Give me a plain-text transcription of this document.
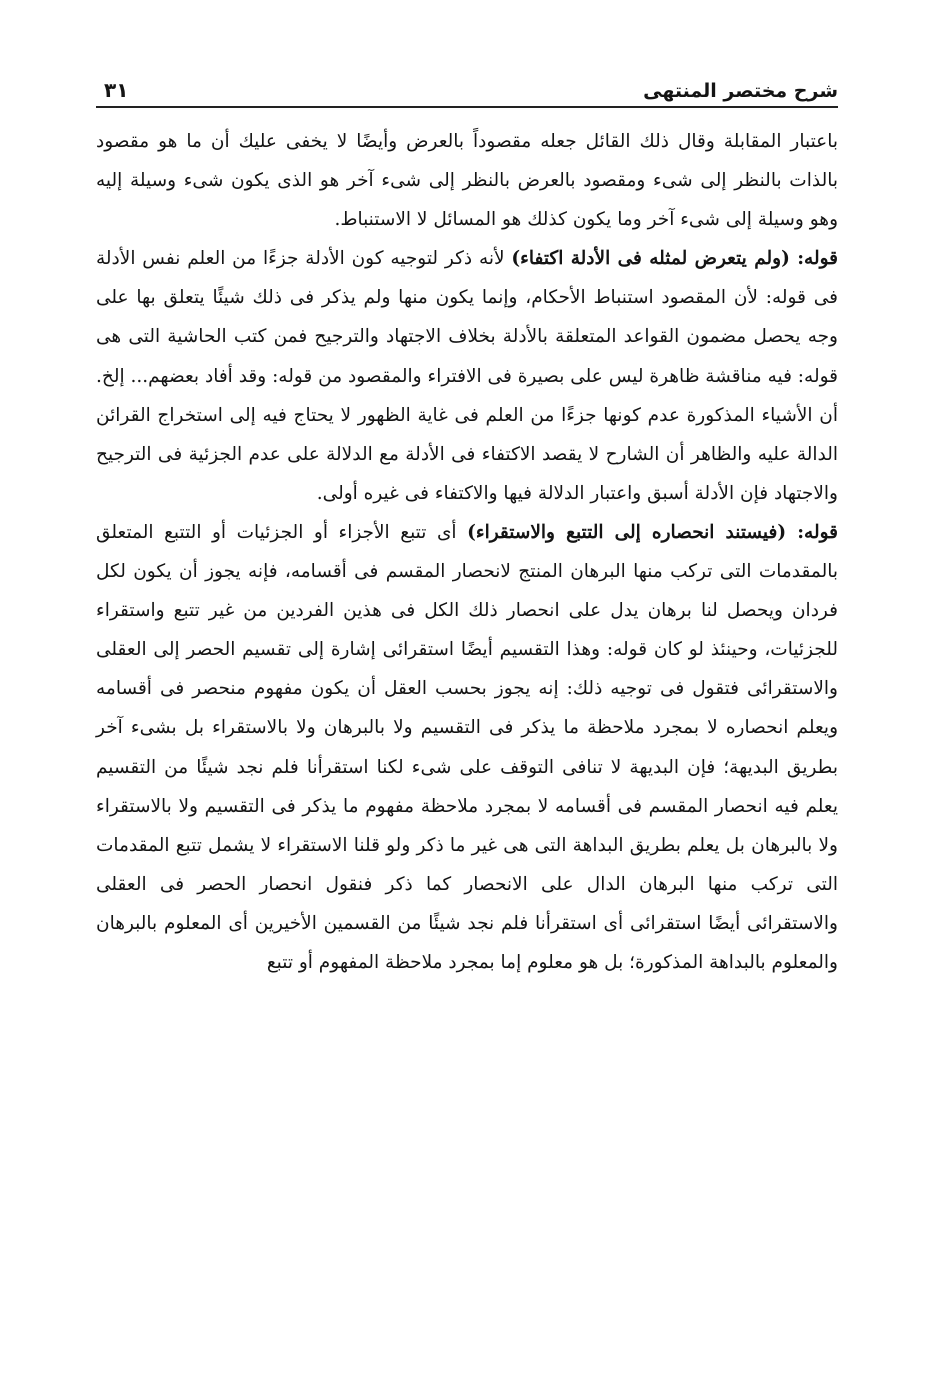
شرح مختصر المنتهى
٣١

باعتبار المقابلة وقال ذلك القائل جعله مقصوداً بالعرض وأيضًا لا يخفى عليك أن ما هو مقصود بالذات بالنظر إلى شىء ومقصود بالعرض بالنظر إلى شىء آخر هو الذى يكون شىء وسيلة إليه وهو وسيلة إلى شىء آخر وما يكون كذلك هو المسائل لا الاستنباط.

قوله: (ولم يتعرض لمثله فى الأدلة اكتفاء) لأنه ذكر لتوجيه كون الأدلة جزءًا من العلم نفس الأدلة فى قوله: لأن المقصود استنباط الأحكام، وإنما يكون منها ولم يذكر فى ذلك شيئًا يتعلق بها على وجه يحصل مضمون القواعد المتعلقة بالأدلة بخلاف الاجتهاد والترجيح فمن كتب الحاشية التى هى قوله: فيه مناقشة ظاهرة ليس على بصيرة فى الافتراء والمقصود من قوله: وقد أفاد بعضهم... إلخ. أن الأشياء المذكورة عدم كونها جزءًا من العلم فى غاية الظهور لا يحتاج فيه إلى استخراج القرائن الدالة عليه والظاهر أن الشارح لا يقصد الاكتفاء فى الأدلة مع الدلالة على عدم الجزئية فى الترجيح والاجتهاد فإن الأدلة أسبق واعتبار الدلالة فيها والاكتفاء فى غيره أولى.

قوله: (فيستند انحصاره إلى التتبع والاستقراء) أى تتبع الأجزاء أو الجزئيات أو التتبع المتعلق بالمقدمات التى تركب منها البرهان المنتج لانحصار المقسم فى أقسامه، فإنه يجوز أن يكون لكل فردان ويحصل لنا برهان يدل على انحصار ذلك الكل فى هذين الفردين من غير تتبع واستقراء للجزئيات، وحينئذ لو كان قوله: وهذا التقسيم أيضًا استقرائى إشارة إلى تقسيم الحصر إلى العقلى والاستقرائى فتقول فى توجيه ذلك: إنه يجوز بحسب العقل أن يكون مفهوم منحصر فى أقسامه ويعلم انحصاره لا بمجرد ملاحظة ما يذكر فى التقسيم ولا بالبرهان ولا بالاستقراء بل بشىء آخر بطريق البديهة؛ فإن البديهة لا تنافى التوقف على شىء لكنا استقرأنا فلم نجد شيئًا من التقسيم يعلم فيه انحصار المقسم فى أقسامه لا بمجرد ملاحظة مفهوم ما يذكر فى التقسيم ولا بالاستقراء ولا بالبرهان بل يعلم بطريق البداهة التى هى غير ما ذكر ولو قلنا الاستقراء لا يشمل تتبع المقدمات التى تركب منها البرهان الدال على الانحصار كما ذكر فنقول انحصار الحصر فى العقلى والاستقرائى أيضًا استقرائى أى استقرأنا فلم نجد شيئًا من القسمين الأخيرين أى المعلوم بالبرهان والمعلوم بالبداهة المذكورة؛ بل هو معلوم إما بمجرد ملاحظة المفهوم أو تتبع
